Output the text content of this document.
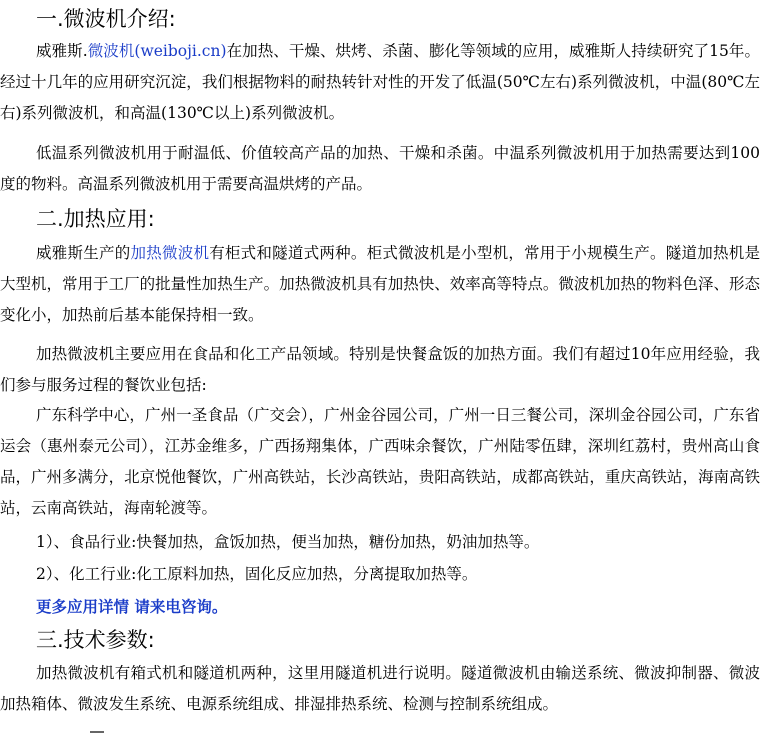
一.微波机介绍:

威雅斯.微波机(weiboji.cn)在加热、干燥、烘烤、杀菌、膨化等领域的应用，威雅斯人持续研究了15年。经过十几年的应用研究沉淀，我们根据物料的耐热转针对性的开发了低温(50℃左右)系列微波机，中温(80℃左右)系列微波机，和高温(130℃以上)系列微波机。

低温系列微波机用于耐温低、价值较高产品的加热、干燥和杀菌。中温系列微波机用于加热需要达到100度的物料。高温系列微波机用于需要高温烘烤的产品。

二.加热应用:

威雅斯生产的加热微波机有柜式和隧道式两种。柜式微波机是小型机，常用于小规模生产。隧道加热机是大型机，常用于工厂的批量性加热生产。加热微波机具有加热快、效率高等特点。微波机加热的物料色泽、形态变化小，加热前后基本能保持相一致。

加热微波机主要应用在食品和化工产品领域。特别是快餐盒饭的加热方面。我们有超过10年应用经验，我们参与服务过程的餐饮业包括:

广东科学中心，广州一圣食品（广交会），广州金谷园公司，广州一日三餐公司，深圳金谷园公司，广东省运会（惠州泰元公司），江苏金维多，广西扬翔集体，广西味余餐饮，广州陆零伍肆，深圳红荔村，贵州高山食品，广州多满分，北京悦他餐饮，广州高铁站，长沙高铁站，贵阳高铁站，成都高铁站，重庆高铁站，海南高铁站，云南高铁站，海南轮渡等。

1）、食品行业:快餐加热，盒饭加热，便当加热，糖份加热，奶油加热等。
2）、化工行业:化工原料加热，固化反应加热，分离提取加热等。
更多应用详情 请来电咨询。
三.技术参数:

加热微波机有箱式机和隧道机两种，这里用隧道机进行说明。隧道微波机由输送系统、微波抑制器、微波加热箱体、微波发生系统、电源系统组成、排湿排热系统、检测与控制系统组成。
